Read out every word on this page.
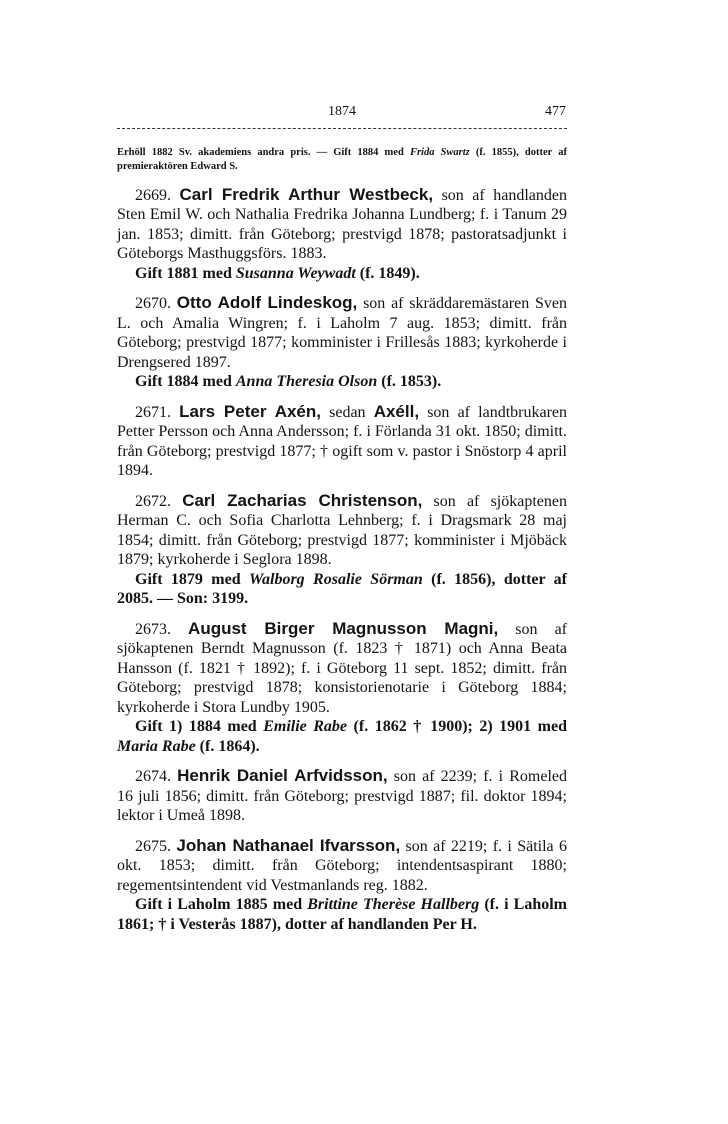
1874	477

Erhöll 1882 Sv. akademiens andra pris. — Gift 1884 med Frida Swartz (f. 1855), dotter af premieraktören Edward S.

2669. Carl Fredrik Arthur Westbeck, son af handlanden Sten Emil W. och Nathalia Fredrika Johanna Lundberg; f. i Tanum 29 jan. 1853; dimitt. från Göteborg; prestvigd 1878; pastoratsadjunkt i Göteborgs Masthuggsförs. 1883.

Gift 1881 med Susanna Weywadt (f. 1849).

2670. Otto Adolf Lindeskog, son af skräddaremästaren Sven L. och Amalia Wingren; f. i Laholm 7 aug. 1853; dimitt. från Göteborg; prestvigd 1877; komminister i Frillesås 1883; kyrkoherde i Drengsered 1897.

Gift 1884 med Anna Theresia Olson (f. 1853).

2671. Lars Peter Axén, sedan Axéll, son af landtbrukaren Petter Persson och Anna Andersson; f. i Förlanda 31 okt. 1850; dimitt. från Göteborg; prestvigd 1877; † ogift som v. pastor i Snöstorp 4 april 1894.

2672. Carl Zacharias Christenson, son af sjökaptenen Herman C. och Sofia Charlotta Lehnberg; f. i Dragsmark 28 maj 1854; dimitt. från Göteborg; prestvigd 1877; komminister i Mjöbäck 1879; kyrkoherde i Seglora 1898.

Gift 1879 med Walborg Rosalie Sörman (f. 1856), dotter af 2085. — Son: 3199.

2673. August Birger Magnusson Magni, son af sjökaptenen Berndt Magnusson (f. 1823 † 1871) och Anna Beata Hansson (f. 1821 † 1892); f. i Göteborg 11 sept. 1852; dimitt. från Göteborg; prestvigd 1878; konsistorienotarie i Göteborg 1884; kyrkoherde i Stora Lundby 1905.

Gift 1) 1884 med Emilie Rabe (f. 1862 † 1900); 2) 1901 med Maria Rabe (f. 1864).

2674. Henrik Daniel Arfvidsson, son af 2239; f. i Romeled 16 juli 1856; dimitt. från Göteborg; prestvigd 1887; fil. doktor 1894; lektor i Umeå 1898.

2675. Johan Nathanael Ifvarsson, son af 2219; f. i Sätila 6 okt. 1853; dimitt. från Göteborg; intendentsaspirant 1880; regementsintendent vid Vestmanlands reg. 1882.

Gift i Laholm 1885 med Brittine Therèse Hallberg (f. i Laholm 1861; † i Vesterås 1887), dotter af handlanden Per H.
